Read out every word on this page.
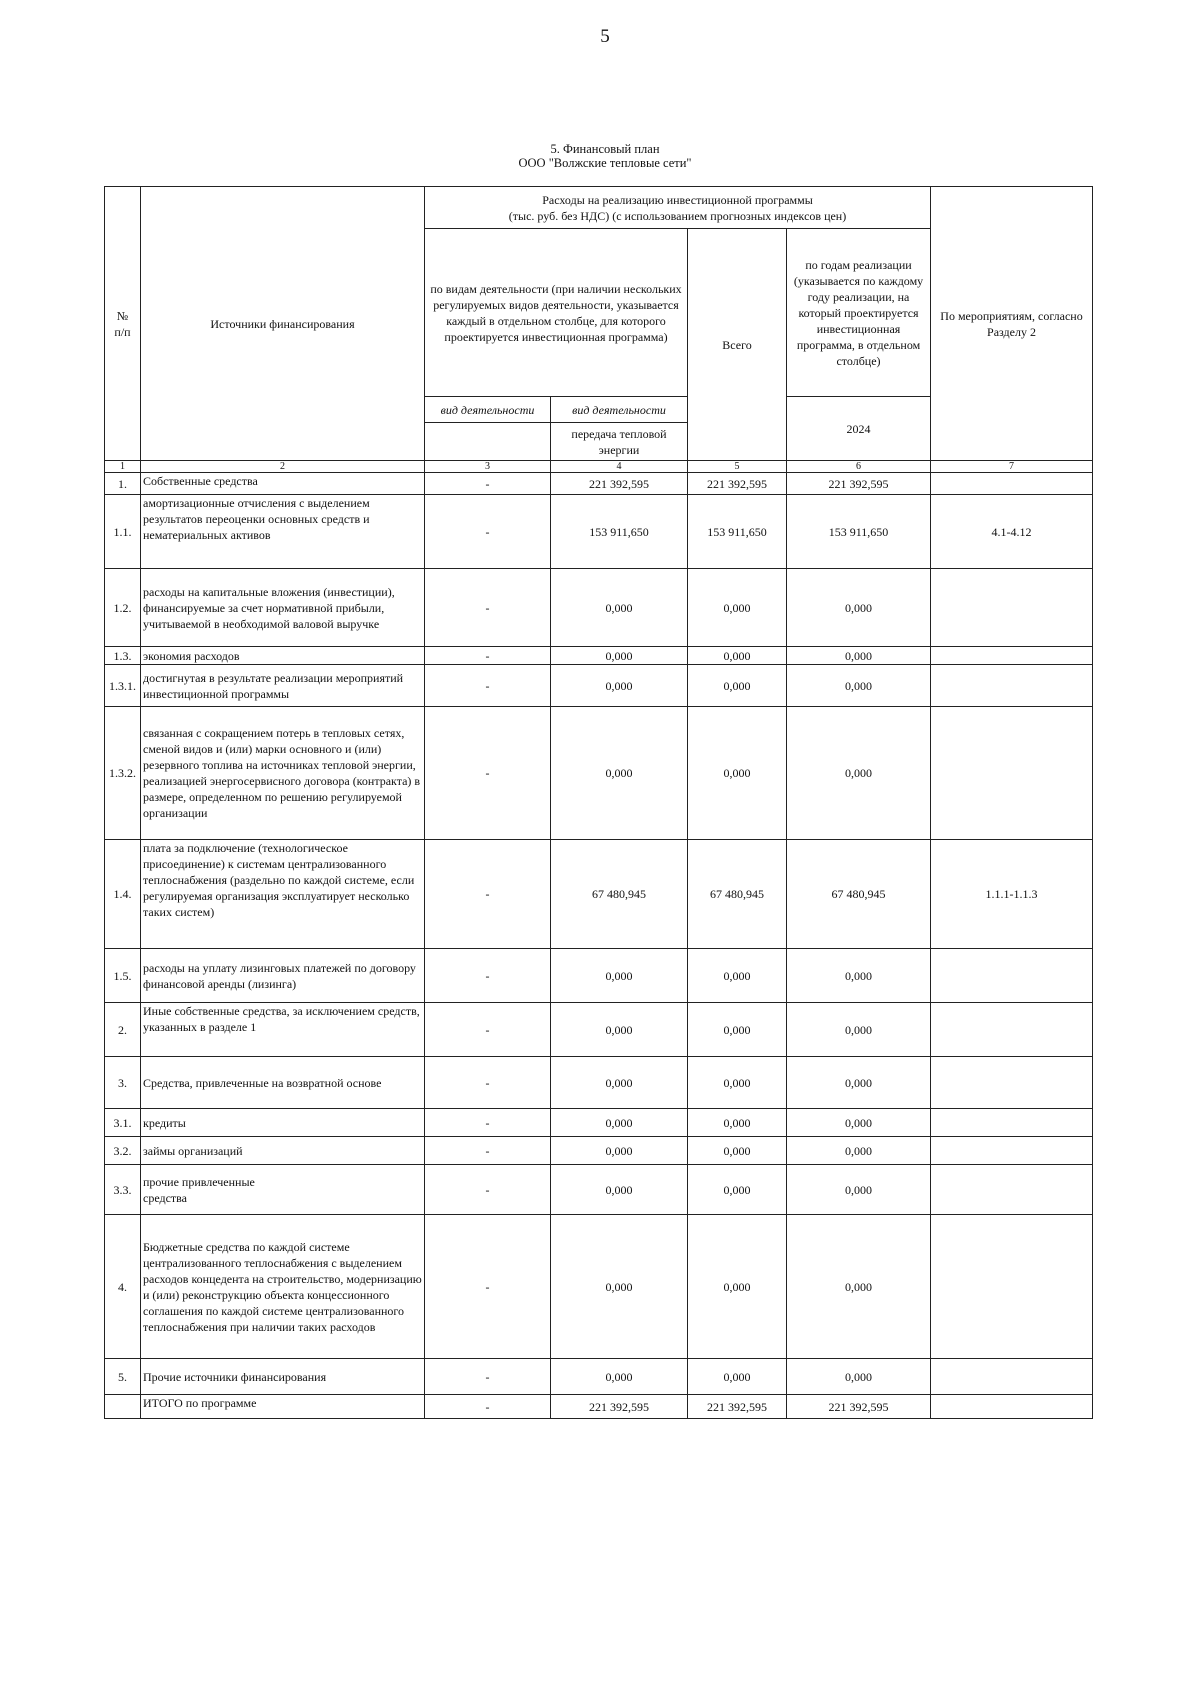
5
5. Финансовый план
ООО "Волжские тепловые сети"
№
п/п	Источники финансирования	Расходы на реализацию инвестиционной программы
(тыс. руб. без НДС) (с использованием прогнозных индексов цен)				По мероприятиям, согласно Разделу 2
		по видам деятельности (при наличии нескольких регулируемых видов деятельности, указывается каждый в отдельном столбце, для которого проектируется инвестиционная программа)		Всего	по годам реализации (указывается по каждому году реализации, на который проектируется инвестиционная программа, в отдельном столбце)	
		вид деятельности	вид деятельности		2024	
			передача тепловой энергии			
1	2	3	4	5	6	7
1.	Собственные средства	-	221 392,595	221 392,595	221 392,595	
1.1.	амортизационные отчисления с выделением результатов переоценки основных средств и нематериальных активов	-	153 911,650	153 911,650	153 911,650	4.1-4.12
1.2.	расходы на капитальные вложения (инвестиции), финансируемые за счет нормативной прибыли, учитываемой в необходимой валовой выручке	-	0,000	0,000	0,000	
1.3.	экономия расходов	-	0,000	0,000	0,000	
1.3.1.	достигнутая в результате реализации мероприятий инвестиционной программы	-	0,000	0,000	0,000	
1.3.2.	связанная с сокращением потерь в тепловых сетях, сменой видов и (или) марки основного и (или) резервного топлива на источниках тепловой энергии, реализацией энергосервисного договора (контракта) в размере, определенном по решению регулируемой организации	-	0,000	0,000	0,000	
1.4.	плата за подключение (технологическое присоединение) к системам централизованного теплоснабжения (раздельно по каждой системе, если регулируемая организация эксплуатирует несколько таких систем)	-	67 480,945	67 480,945	67 480,945	1.1.1-1.1.3
1.5.	расходы на уплату лизинговых платежей по договору финансовой аренды (лизинга)	-	0,000	0,000	0,000	
2.	Иные собственные средства, за исключением средств, указанных в разделе 1	-	0,000	0,000	0,000	
3.	Средства, привлеченные на возвратной основе	-	0,000	0,000	0,000	
3.1.	кредиты	-	0,000	0,000	0,000	
3.2.	займы организаций	-	0,000	0,000	0,000	
3.3.	прочие привлеченные
средства	-	0,000	0,000	0,000	
4.	Бюджетные средства по каждой системе централизованного теплоснабжения с выделением расходов концедента на строительство, модернизацию и (или) реконструкцию объекта концессионного соглашения по каждой системе централизованного теплоснабжения при наличии таких расходов	-	0,000	0,000	0,000	
5.	Прочие источники финансирования	-	0,000	0,000	0,000	
	ИТОГО по программе	-	221 392,595	221 392,595	221 392,595	
